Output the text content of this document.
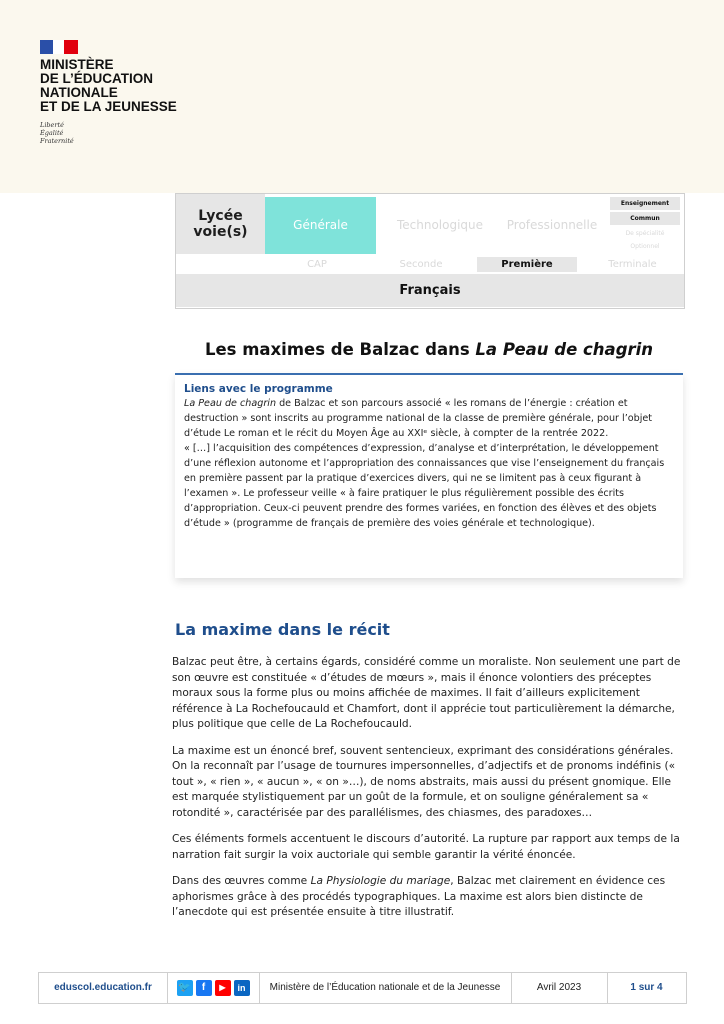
MINISTÈRE

DE L’ÉDUCATION

NATIONALE

ET DE LA JEUNESSE

Liberté
Égalité
Fraternité
Lycée
voie(s)	Générale	Technologique	Professionnelle
Enseignement
Commun
De spécialité
Optionnel
CAP	Seconde	Première	Terminale
Français
Les maximes de Balzac dans La Peau de chagrin
Liens avec le programme

La Peau de chagrin de Balzac et son parcours associé « les romans de l’énergie : création et destruction » sont inscrits au programme national de la classe de première générale, pour l’objet d’étude Le roman et le récit du Moyen Âge au XXIᵉ siècle, à compter de la rentrée 2022.

« […] l’acquisition des compétences d’expression, d’analyse et d’interprétation, le développement d’une réflexion autonome et l’appropriation des connaissances que vise l’enseignement du français en première passent par la pratique d’exercices divers, qui ne se limitent pas à ceux figurant à l’examen ». Le professeur veille « à faire pratiquer le plus régulièrement possible des écrits d’appropriation. Ceux-ci peuvent prendre des formes variées, en fonction des élèves et des objets d’étude » (programme de français de première des voies générale et technologique).

La maxime dans le récit

Balzac peut être, à certains égards, considéré comme un moraliste. Non seulement une part de son œuvre est constituée « d’études de mœurs », mais il énonce volontiers des préceptes moraux sous la forme plus ou moins affichée de maximes. Il fait d’ailleurs explicitement référence à La Rochefoucauld et Chamfort, dont il apprécie tout particulièrement la démarche, plus politique que celle de La Rochefoucauld.

La maxime est un énoncé bref, souvent sentencieux, exprimant des considérations générales. On la reconnaît par l’usage de tournures impersonnelles, d’adjectifs et de pronoms indéfinis (« tout », « rien », « aucun », « on »…), de noms abstraits, mais aussi du présent gnomique. Elle est marquée stylistiquement par un goût de la formule, et on souligne généralement sa « rotondité », caractérisée par des parallélismes, des chiasmes, des paradoxes…

Ces éléments formels accentuent le discours d’autorité. La rupture par rapport aux temps de la narration fait surgir la voix auctoriale qui semble garantir la vérité énoncée.

Dans des œuvres comme La Physiologie du mariage, Balzac met clairement en évidence ces aphorismes grâce à des procédés typographiques. La maxime est alors bien distincte de l’anecdote qui est présentée ensuite à titre illustratif.

eduscol.education.fr	🐦	f	▶	in	Ministère de l’Éducation nationale et de la Jeunesse	Avril 2023	1 sur 4
